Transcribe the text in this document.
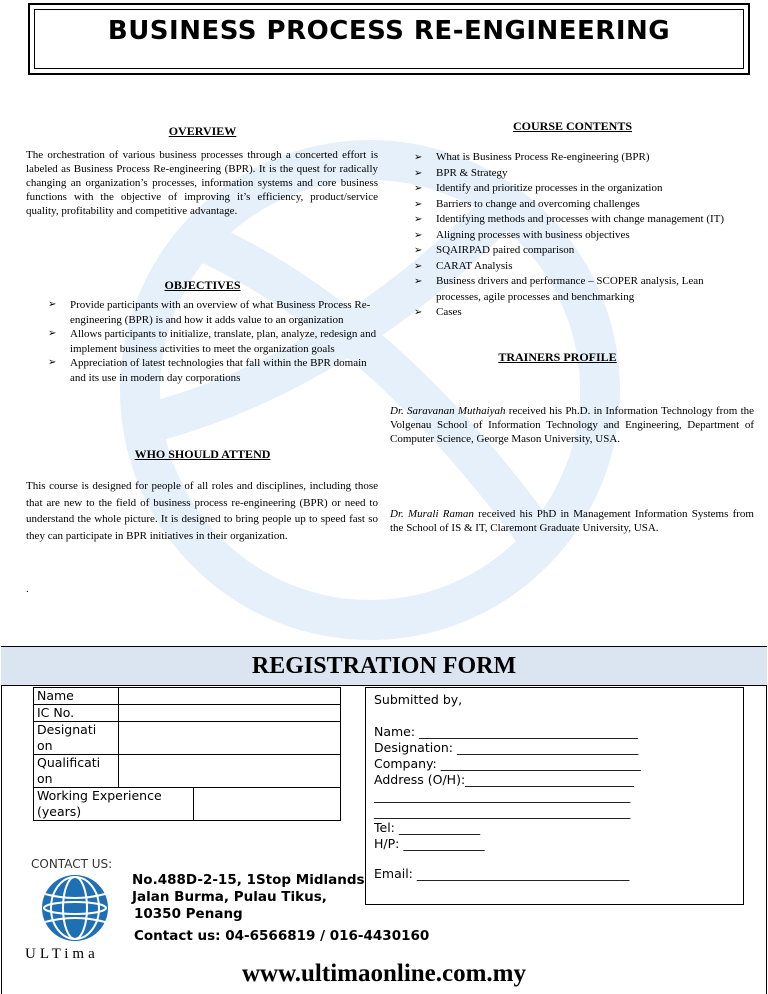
BUSINESS PROCESS RE-ENGINEERING
OVERVIEW
The orchestration of various business processes through a concerted effort is labeled as Business Process Re-engineering (BPR). It is the quest for radically changing an organization’s processes, information systems and core business functions with the objective of improving it’s efficiency, product/service quality, profitability and competitive advantage.
OBJECTIVES
➢ Provide participants with an overview of what Business Process Re-engineering (BPR) is and how it adds value to an organization
➢ Allows participants to initialize, translate, plan, analyze, redesign and implement business activities to meet the organization goals
➢ Appreciation of latest technologies that fall within the BPR domain and its use in modern day corporations
WHO SHOULD ATTEND
This course is designed for people of all roles and disciplines, including those that are new to the field of business process re-engineering (BPR) or need to understand the whole picture. It is designed to bring people up to speed fast so they can participate in BPR initiatives in their organization.
.
COURSE CONTENTS
➢ What is Business Process Re-engineering (BPR)
➢ BPR & Strategy
➢ Identify and prioritize processes in the organization
➢ Barriers to change and overcoming challenges
➢ Identifying methods and processes with change management (IT)
➢ Aligning processes with business objectives
➢ SQAIRPAD paired comparison
➢ CARAT Analysis
➢ Business drivers and performance – SCOPER analysis, Lean processes, agile processes and benchmarking
➢ Cases
TRAINERS PROFILE
Dr. Saravanan Muthaiyah received his Ph.D. in Information Technology from the Volgenau School of Information Technology and Engineering, Department of Computer Science, George Mason University, USA.
Dr. Murali Raman received his PhD in Management Information Systems from the School of IS & IT, Claremont Graduate University, USA.
REGISTRATION FORM
Name		
IC No.		
Designati
on		
Qualificati
on		
Working Experience
(years)		
Submitted by,
Name: ___________________________________
Designation: _____________________________
Company: ________________________________
Address (O/H):___________________________
_________________________________________
_________________________________________
Tel: _____________
H/P: _____________
Email: __________________________________
CONTACT US:
ULTima
No.488D-2-15, 1Stop Midlands
Jalan Burma, Pulau Tikus,
10350 Penang
Contact us: 04-6566819 / 016-4430160
www.ultimaonline.com.my
